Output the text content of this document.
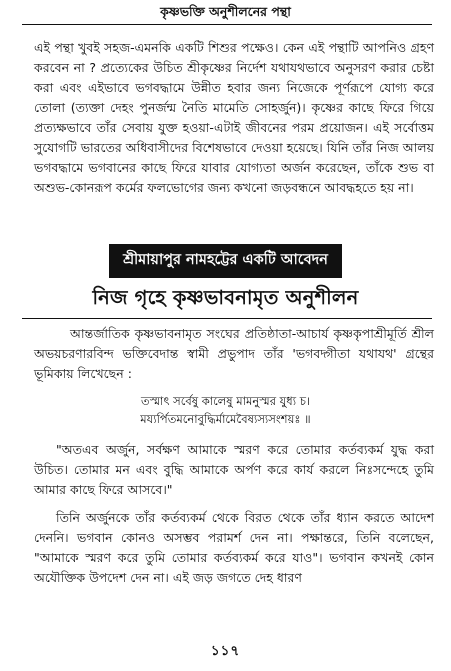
কৃষ্ণভক্তি অনুশীলনের পন্থা

এই পন্থা খুবই সহজ-এমনকি একটি শিশুর পক্ষেও। কেন এই পন্থাটি আপনিও গ্রহণ করবেন না ? প্রত্যেকের উচিত শ্রীকৃষ্ণের নির্দেশ যথাযথভাবে অনুসরণ করার চেষ্টা করা এবং এইভাবে ভগবদ্ধামে উন্নীত হবার জন্য নিজেকে পূর্ণরূপে যোগ্য করে তোলা (ত্যক্তা দেহং পুনর্জন্ম নৈতি মামেতি সোহর্জুন)। কৃষ্ণের কাছে ফিরে গিয়ে প্রত্যক্ষভাবে তাঁর সেবায় যুক্ত হওয়া-এটাই জীবনের পরম প্রয়োজন। এই সর্বোত্তম সুযোগটি ভারতের অধিবাসীদের বিশেষভাবে দেওয়া হয়েছে। যিনি তাঁর নিজ আলয় ভগবদ্ধামে ভগবানের কাছে ফিরে যাবার যোগ্যতা অর্জন করেছেন, তাঁকে শুভ বা অশুভ-কোনরূপ কর্মের ফলভোগের জন্য কখনো জড়বন্ধনে আবদ্ধহতে হয় না।

শ্রীমায়াপুর নামহট্টের একটি আবেদন
নিজ গৃহে কৃষ্ণভাবনামৃত অনুশীলন

আন্তর্জাতিক কৃষ্ণভাবনামৃত সংঘের প্রতিষ্ঠাতা-আচার্য কৃষ্ণকৃপাশ্রীমূর্তি শ্রীল অভয়চরণারবিন্দ ভক্তিবেদান্ত স্বামী প্রভুপাদ তাঁর 'ভগবদ্গীতা যথাযথ' গ্রন্থের ভূমিকায় লিখেছেন :

তস্মাৎ সর্বেষু কালেষু মামনুস্মর যুধ্য চ।
ময্যর্পিতমনোবুদ্ধির্মামেবৈষ্যস্যসংশয়ঃ ॥

"অতএব অর্জুন, সর্বক্ষণ আমাকে স্মরণ করে তোমার কর্তব্যকর্ম যুদ্ধ করা উচিত। তোমার মন এবং বুদ্ধি আমাকে অর্পণ করে কার্য করলে নিঃসন্দেহে তুমি আমার কাছে ফিরে আসবে।"

তিনি অর্জুনকে তাঁর কর্তব্যকর্ম থেকে বিরত থেকে তাঁর ধ্যান করতে আদেশ দেননি। ভগবান কোনও অসম্ভব পরামর্শ দেন না। পক্ষান্তরে, তিনি বলেছেন, "আমাকে স্মরণ করে তুমি তোমার কর্তব্যকর্ম করে যাও"। ভগবান কখনই কোন অযৌক্তিক উপদেশ দেন না। এই জড় জগতে দেহ ধারণ

১১৭
